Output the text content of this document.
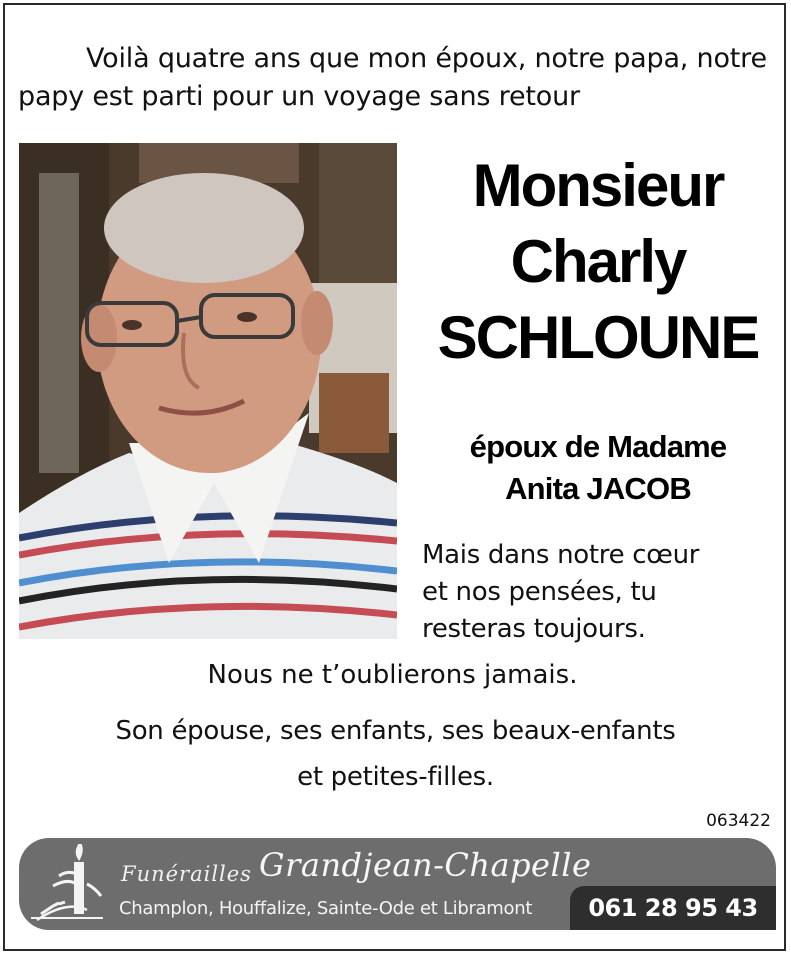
Voilà quatre ans que mon époux, notre papa, notre papy est parti pour un voyage sans retour
Monsieur
Charly
SCHLOUNE
époux de Madame
Anita JACOB
Mais dans notre cœur
et nos pensées, tu
resteras toujours.
Nous ne t’oublierons jamais.
Son épouse, ses enfants, ses beaux-enfants
et petites-filles.
063422
Funérailles Grandjean-Chapelle
Champlon, Houffalize, Sainte-Ode et Libramont	061 28 95 43
